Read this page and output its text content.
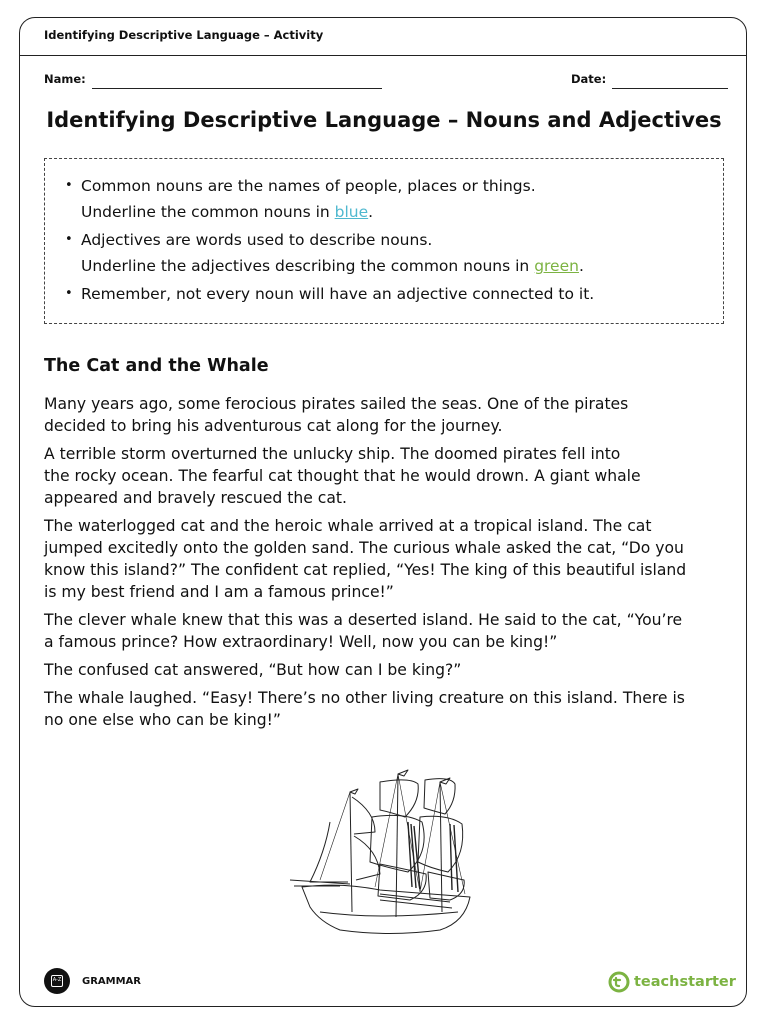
Identifying Descriptive Language – Activity
Name:	Date:
Identifying Descriptive Language – Nouns and Adjectives
• Common nouns are the names of people, places or things.
Underline the common nouns in blue.
• Adjectives are words used to describe nouns.
Underline the adjectives describing the common nouns in green.
• Remember, not every noun will have an adjective connected to it.
The Cat and the Whale

Many years ago, some ferocious pirates sailed the seas. One of the pirates
decided to bring his adventurous cat along for the journey.

A terrible storm overturned the unlucky ship. The doomed pirates fell into
the rocky ocean. The fearful cat thought that he would drown. A giant whale
appeared and bravely rescued the cat.

The waterlogged cat and the heroic whale arrived at a tropical island. The cat
jumped excitedly onto the golden sand. The curious whale asked the cat, “Do you
know this island?” The confident cat replied, “Yes! The king of this beautiful island
is my best friend and I am a famous prince!”

The clever whale knew that this was a deserted island. He said to the cat, “You’re
a famous prince? How extraordinary! Well, now you can be king!”

The confused cat answered, “But how can I be king?”

The whale laughed. “Easy! There’s no other living creature on this island. There is
no one else who can be king!”

A-Z GRAMMAR	teachstarter
